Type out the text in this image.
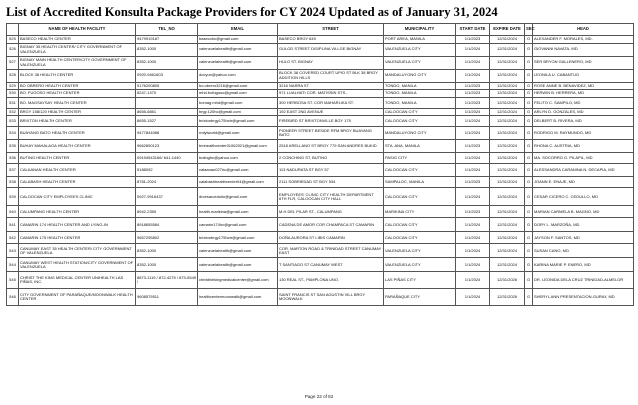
List of Accredited Konsulta Package Providers for CY 2024 Updated as of January 31, 2024
	NAME OF HEALTH FACILITY	TEL_NO	EMAIL	STREET	MUNICIPALITY	START DATE	EXPIRE DATE	SEC	HEAD
525	BASECO HEALTH CENTER	9479919187	basecohc@gmail.com	BASECO BRGY 649	PORT AREA, MANILA	1/1/2023	12/31/2024	G	ALEXANDER F. MORALES, MD.
526	BIGNAY 35 HEALTH CENTER/ CITY GOVERNMENT OF VALENZUELA	8352-1000	valenzuelahealth@gmail.com	GULOD STREET DISIPLINA VILLGE BIGNAY	VALENZUELA CITY	1/1/2024	12/31/2024	G	GIOVANNI NAVATA, MD
527	BIGNAY MAIN HEALTH CENTER/CITY GOVERNMENT OF VALENZUELA	8352-1000	valenzuelahealth@gmail.com	HULO ST. BIGNAY	VALENZUELA CITY	1/1/2024	12/31/2024	G	SER BRYON GALLENERO, MD
528	BLOCK 38 HEALTH CENTER	0920-9461603	docyun@yahoo.com	BLOCK 38 COVERED COURT UPIO ST BLK 38 BRGY ADDITION HILLS	MANDALUYONG CITY	1/1/2024	12/31/2024	G	LEONILA U. CABANTUG
529	BO OBRERO HEALTH CENTER	9176200805	bo.obrero3216@gmail.com	3216 NARRA ST	TONDO, MANILA	1/1/2023	12/31/2024	G	ROSE ANNE B. BENAVIDEZ, MD
530	BO. FUGOSO HEALTH CENTER	8247-1470	mhd.bofugoso@gmail.com	971 LUALHATI COR. MATISSIN STS.,	TONDO, MANILA	1/1/2023	12/31/2024	G	HERWIN B. HERRERA, MD
531	BO. MAGSAYSAY HEALTH CENTER		bomag.mhd@gmail.com	300 HERBOSA ST. COR MAHARLIKA ST.	TONDO, MANILA	1/1/2023	12/31/2024	G	FELITO C. SAMPILO, MD
532	BRGY 158/120 HEALTH CENTER	8655-6851	brgy.120hc@gmail.com	192 EAST 2ND AVENUE	CALOOCAN CITY	1/1/2024	12/31/2024	G	ARLYN D. GONZALES, MD
533	BRIXTON HEALTH CENTER	8655-1527	brixtonbrgy175hctr@gmail.com	FIREBIRD ST BRIXTONVILLE BGY 175	CALOOCAN CITY	1/1/2024	12/31/2024	G	DELBERT B. RIVERA, MD
534	BUAYANG BATO HEALTH CENTER	9477844088	rmlytworld@gmail.com	PIONEER STREET BESIDE RFM BRGY BUAYANG BATO	MANDALUYONG CITY	1/1/2024	12/31/2024	G	RODRIGO M. RAYMUNDO, MD
535	BUHAY MAHALAGA HEALTH CENTER	9662890123	bmhealthcenter01062021@gmail.com	2518 ARELLANO ST BRGY 779 SAN ANDRES BUKID	STA. ANA, MANILA	1/1/2023	12/31/2024	G	RHONA C. AUSTRIA, MD
536	BUTING HEALTH CENTER	09194543166/ 641-1440	butinghc@yahoo.com	2 CONCHING ST, BUTING	PASIG CITY	1/1/2024	12/31/2024	G	MA. SOCORRO G. PILAPIL, MD
537	CALAANAN HEALTH CENTER	5188092	calaanan027hc@gmail.com	113 NADURATA ST BGY 57	CALOOCAN CITY	1/1/2024	12/31/2024	G	ALESSANDRA CARANINA N. DECAPIA, MD
538	CALABASH HEALTH CENTER	8781-2024	calabashhealthcenter04@gmail.com	2111 SOBRIEDAD ST BGY 534	SAMPALOC, MANILA	1/1/2023	12/31/2024	G	JOANN E. ENAJE, MD
539	CALOOCAN CITY EMPLOYEES CLINIC	0927-9916437	drcesarcedullo@gmail.com	EMPLOYEES' CLINIC CITY HEALTH DEPARTMENT 6TH FLR, CALOOCAN CITY HALL	CALOOCAN CITY	1/1/2024	12/31/2024	G	CESAR CICERO C. CEDULLO, MD
540	CALUMPANG HEALTH CENTER	8942-2359	health.marikina@gmail.com	M.H DEL PILAR ST., CALUMPANG	MARIKINA CITY	1/1/2023	12/31/2024	G	MARIAN CARMELA B. MAGNO, MD
541	CAMARIN 174 HEALTH CENTER AND LYING-IN	8918655584	camarin174hc@gmail.com	CADENA DE AMOR COR CHAMPACA ST CAMARIN	CALOOCAN CITY	1/1/2024	12/31/2024	G	DORY L. MARZOÑA, MD
542	CAMARIN 175 HEALTH CENTER	9657295802	brixtonbrgy175hctr@gmail.com	DOÑA AURORA ST LIBIS CAMARIN	CALOOCAN CITY	1/1/2024	12/31/2024	G	JAYSON F. SANTOS, MD
543	CANUMAY EAST 35 HEALTH CENTER/ CITY GOVERNMENT OF VALENZUELA	8352-1000	valenzuelahealth@gmail.com	COR. MARTON ROAD & TRINIDAD STREET CANUMAY EAST	VALENZUELA CITY	1/1/2024	12/31/2024	G	SUSAN CANO, MD
544	CANUMAY WEST HEALTH STATION/CITY GOVERNMENT OF VALENZUELA	8352-1000	valenzuelahealth@gmail.com	T SANTIAGO ST CANUMAY WEST	VALENZUELA CITY	1/1/2024	12/31/2024	G	KARINA MARIE P. ENERO, MD
545	CHRIST THE KING MEDICAL CENTER UNIHEALTH LAS PIÑAS, INC.	8873-1119 / 872-4279 / 873-5549 /	christthekingmedicalcenter@gmail.com	130 REAL ST., PAMPLONA UNO,	LAS PIÑAS CITY	1/1/2024	12/31/2026	G	DR. LEONIDA DELA CRUZ TRINIDAD-ALMELOR
546	CITY GOVERNMENT OF PARAÑAQUE/MOONWALK HEALTH CENTER	9608575511	healthcentermoonwalk@gmail.com	SAINT FRANCIS ST SAN AGUSTIN VILL BRGY MOONWALK	PARAÑAQUE CITY	1/1/2024	12/31/2026	G	SHERYL ANN PRESENTACION-GURAY, MD
Page 22 of 82
